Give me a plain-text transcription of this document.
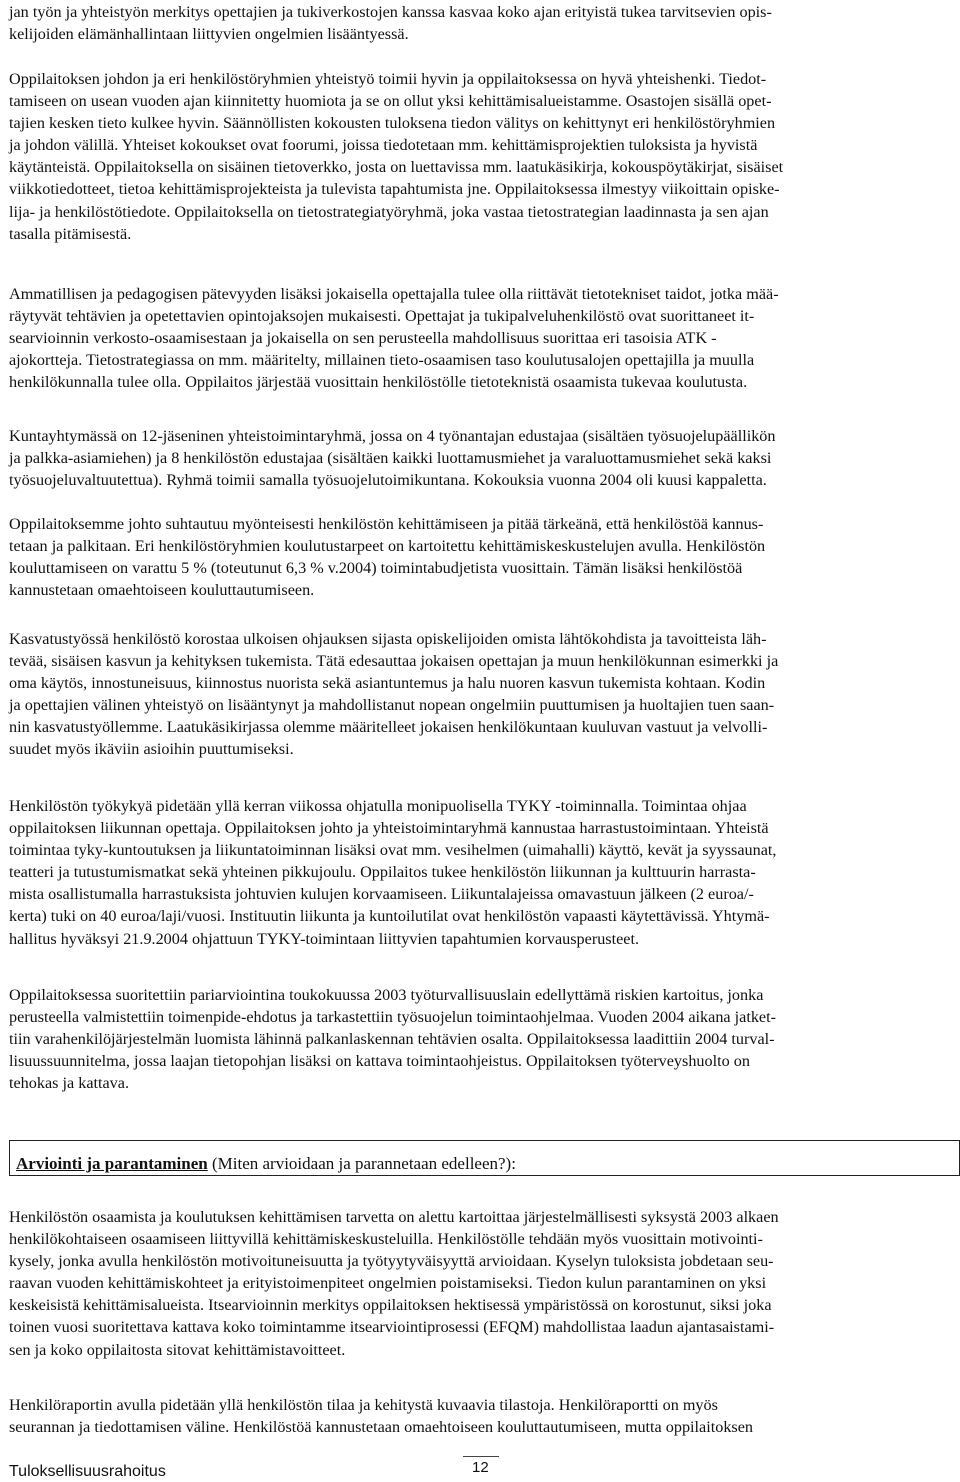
jan työn ja yhteistyön merkitys opettajien ja tukiverkostojen kanssa kasvaa koko ajan erityistä tukea tarvitsevien opis-
kelijoiden elämänhallintaan liittyvien ongelmien lisääntyessä.

Oppilaitoksen johdon ja eri henkilöstöryhmien yhteistyö toimii hyvin ja oppilaitoksessa on hyvä yhteishenki. Tiedot-
tamiseen on usean vuoden ajan kiinnitetty huomiota ja se on ollut yksi kehittämisalueistamme. Osastojen sisällä opet-
tajien kesken tieto kulkee hyvin. Säännöllisten kokousten tuloksena tiedon välitys on kehittynyt eri henkilöstöryhmien
ja johdon välillä. Yhteiset kokoukset ovat foorumi, joissa tiedotetaan mm. kehittämisprojektien tuloksista ja hyvistä
käytänteistä. Oppilaitoksella on sisäinen tietoverkko, josta on luettavissa mm. laatukäsikirja, kokouspöytäkirjat, sisäiset
viikkotiedotteet, tietoa kehittämisprojekteista ja tulevista tapahtumista jne. Oppilaitoksessa ilmestyy viikoittain opiske-
lija- ja henkilöstötiedote. Oppilaitoksella on tietostrategiatyöryhmä, joka vastaa tietostrategian laadinnasta ja sen ajan
tasalla pitämisestä.

Ammatillisen ja pedagogisen pätevyyden lisäksi jokaisella opettajalla tulee olla riittävät tietotekniset taidot, jotka mää-
räytyvät tehtävien ja opetettavien opintojaksojen mukaisesti. Opettajat ja tukipalveluhenkilöstö ovat suorittaneet it-
searvioinnin verkosto-osaamisestaan ja jokaisella on sen perusteella mahdollisuus suorittaa eri tasoisia ATK -
ajokortteja. Tietostrategiassa on mm. määritelty, millainen tieto-osaamisen taso koulutusalojen opettajilla ja muulla
henkilökunnalla tulee olla. Oppilaitos järjestää vuosittain henkilöstölle tietoteknistä osaamista tukevaa koulutusta.

Kuntayhtymässä on 12-jäseninen yhteistoimintaryhmä, jossa on 4 työnantajan edustajaa (sisältäen työsuojelupäällikön
ja palkka-asiamiehen) ja 8 henkilöstön edustajaa (sisältäen kaikki luottamusmiehet ja varaluottamusmiehet sekä kaksi
työsuojeluvaltuutettua). Ryhmä toimii samalla työsuojelutoimikuntana. Kokouksia vuonna 2004 oli kuusi kappaletta.

Oppilaitoksemme johto suhtautuu myönteisesti henkilöstön kehittämiseen ja pitää tärkeänä, että henkilöstöä kannus-
tetaan ja palkitaan. Eri henkilöstöryhmien koulutustarpeet on kartoitettu kehittämiskeskustelujen avulla. Henkilöstön
kouluttamiseen on varattu 5 % (toteutunut 6,3 % v.2004) toimintabudjetista vuosittain. Tämän lisäksi henkilöstöä
kannustetaan omaehtoiseen kouluttautumiseen.

Kasvatustyössä henkilöstö korostaa ulkoisen ohjauksen sijasta opiskelijoiden omista lähtökohdista ja tavoitteista läh-
tevää, sisäisen kasvun ja kehityksen tukemista. Tätä edesauttaa jokaisen opettajan ja muun henkilökunnan esimerkki ja
oma käytös, innostuneisuus, kiinnostus nuorista sekä asiantuntemus ja halu nuoren kasvun tukemista kohtaan. Kodin
ja opettajien välinen yhteistyö on lisääntynyt ja mahdollistanut nopean ongelmiin puuttumisen ja huoltajien tuen saan-
nin kasvatustyöllemme. Laatukäsikirjassa olemme määritelleet jokaisen henkilökuntaan kuuluvan vastuut ja velvolli-
suudet myös ikäviin asioihin puuttumiseksi.

Henkilöstön työkykyä pidetään yllä kerran viikossa ohjatulla monipuolisella TYKY -toiminnalla. Toimintaa ohjaa
oppilaitoksen liikunnan opettaja. Oppilaitoksen johto ja yhteistoimintaryhmä kannustaa harrastustoimintaan. Yhteistä
toimintaa tyky-kuntoutuksen ja liikuntatoiminnan lisäksi ovat mm. vesihelmen (uimahalli) käyttö, kevät ja syyssaunat,
teatteri ja tutustumismatkat sekä yhteinen pikkujoulu. Oppilaitos tukee henkilöstön liikunnan ja kulttuurin harrasta-
mista osallistumalla harrastuksista johtuvien kulujen korvaamiseen. Liikuntalajeissa omavastuun jälkeen (2 euroa/-
kerta) tuki on 40 euroa/laji/vuosi. Instituutin liikunta ja kuntoilutilat ovat henkilöstön vapaasti käytettävissä. Yhtymä-
hallitus hyväksyi 21.9.2004 ohjattuun TYKY-toimintaan liittyvien tapahtumien korvausperusteet.

Oppilaitoksessa suoritettiin pariarviointina toukokuussa 2003 työturvallisuuslain edellyttämä riskien kartoitus, jonka
perusteella valmistettiin toimenpide-ehdotus ja tarkastettiin työsuojelun toimintaohjelmaa. Vuoden 2004 aikana jatket-
tiin varahenkilöjärjestelmän luomista lähinnä palkanlaskennan tehtävien osalta. Oppilaitoksessa laadittiin 2004 turval-
lisuussuunnitelma, jossa laajan tietopohjan lisäksi on kattava toimintaohjeistus. Oppilaitoksen työterveyshuolto on
tehokas ja kattava.

Arviointi ja parantaminen (Miten arvioidaan ja parannetaan edelleen?):

Henkilöstön osaamista ja koulutuksen kehittämisen tarvetta on alettu kartoittaa järjestelmällisesti syksystä 2003 alkaen
henkilökohtaiseen osaamiseen liittyvillä kehittämiskeskusteluilla. Henkilöstölle tehdään myös vuosittain motivointi-
kysely, jonka avulla henkilöstön motivoituneisuutta ja työtyytyväisyyttä arvioidaan. Kyselyn tuloksista jobdetaan seu-
raavan vuoden kehittämiskohteet ja erityistoimenpiteet ongelmien poistamiseksi. Tiedon kulun parantaminen on yksi
keskeisistä kehittämisalueista. Itsearvioinnin merkitys oppilaitoksen hektisessä ympäristössä on korostunut, siksi joka
toinen vuosi suoritettava kattava koko toimintamme itsearviointiprosessi (EFQM) mahdollistaa laadun ajantasaistami-
sen ja koko oppilaitosta sitovat kehittämistavoitteet.

Henkilöraportin avulla pidetään yllä henkilöstön tilaa ja kehitystä kuvaavia tilastoja. Henkilöraportti on myös
seurannan ja tiedottamisen väline. Henkilöstöä kannustetaan omaehtoiseen kouluttautumiseen, mutta oppilaitoksen

Tuloksellisuusrahoitus	12
